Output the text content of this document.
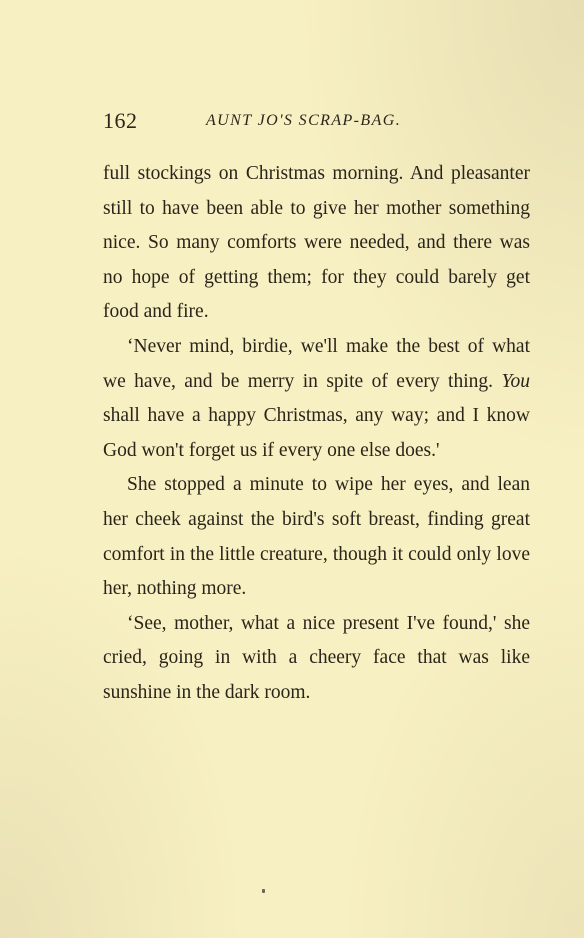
162	AUNT JO'S SCRAP-BAG.

full stockings on Christmas morning. And pleasanter still to have been able to give her mother something nice. So many comforts were needed, and there was no hope of getting them; for they could barely get food and fire.

‘Never mind, birdie, we'll make the best of what we have, and be merry in spite of every thing. You shall have a happy Christmas, any way; and I know God won't forget us if every one else does.'

She stopped a minute to wipe her eyes, and lean her cheek against the bird's soft breast, finding great comfort in the little creature, though it could only love her, nothing more.

‘See, mother, what a nice present I've found,' she cried, going in with a cheery face that was like sunshine in the dark room.
